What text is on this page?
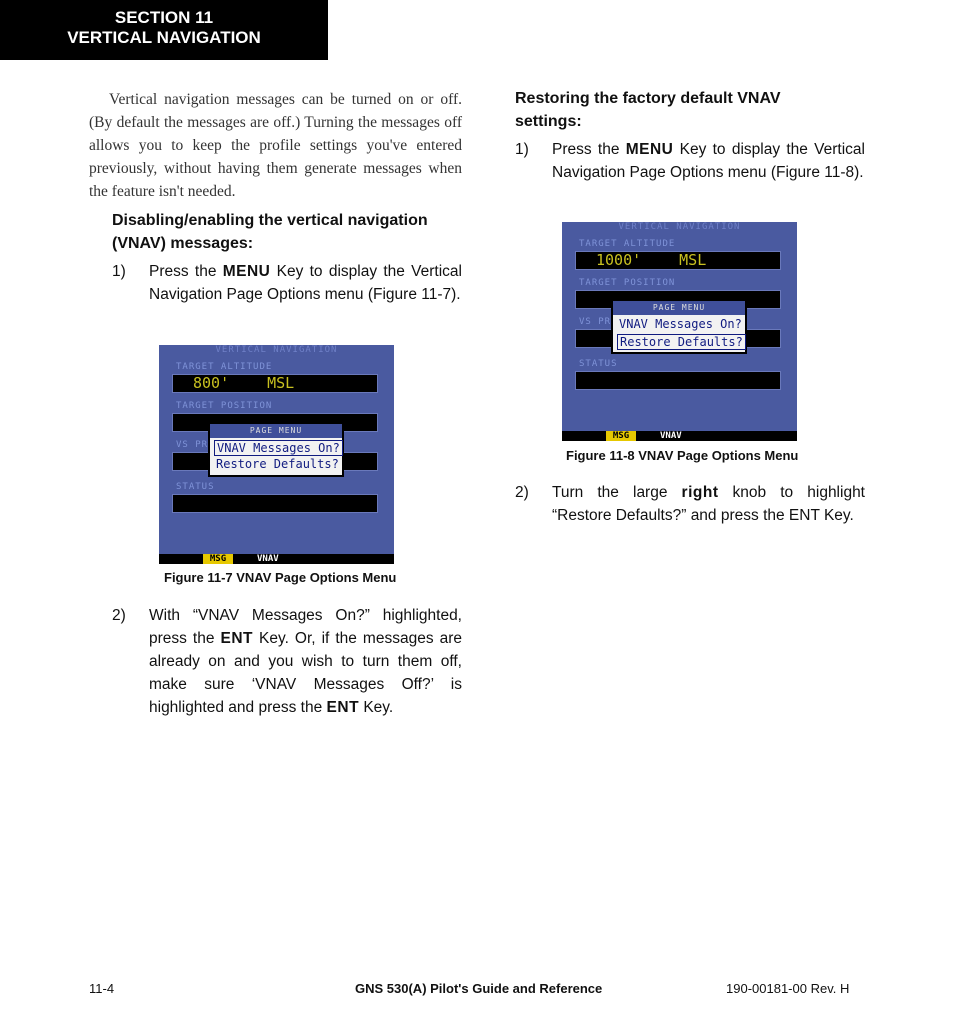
SECTION 11
VERTICAL NAVIGATION

Vertical navigation messages can be turned on or off. (By default the messages are off.) Turning the messages off allows you to keep the profile settings you've entered previously, without having them generate messages when the feature isn't needed.

Disabling/enabling the vertical navigation (VNAV) messages:

1) Press the MENU Key to display the Vertical Navigation Page Options menu (Figure 11-7).
VERTICAL NAVIGATION
TARGET ALTITUDE
800'	MSL
TARGET POSITION
VS PR
STATUS
PAGE MENU
VNAV Messages On?
Restore Defaults?
MSG	VNAV

Figure 11-7 VNAV Page Options Menu

2) With “VNAV Messages On?” highlighted, press the ENT Key. Or, if the messages are already on and you wish to turn them off, make sure ‘VNAV Messages Off?’ is highlighted and press the ENT Key.

Restoring the factory default VNAV settings:

1) Press the MENU Key to display the Vertical Navigation Page Options menu (Figure 11-8).
VERTICAL NAVIGATION
TARGET ALTITUDE
1000'	MSL
TARGET POSITION
VS PR
STATUS
PAGE MENU
VNAV Messages On?
Restore Defaults?
MSG	VNAV

Figure 11-8 VNAV Page Options Menu

2) Turn the large right knob to highlight “Restore Defaults?” and press the ENT Key.
11-4	GNS 530(A) Pilot's Guide and Reference	190-00181-00 Rev. H
